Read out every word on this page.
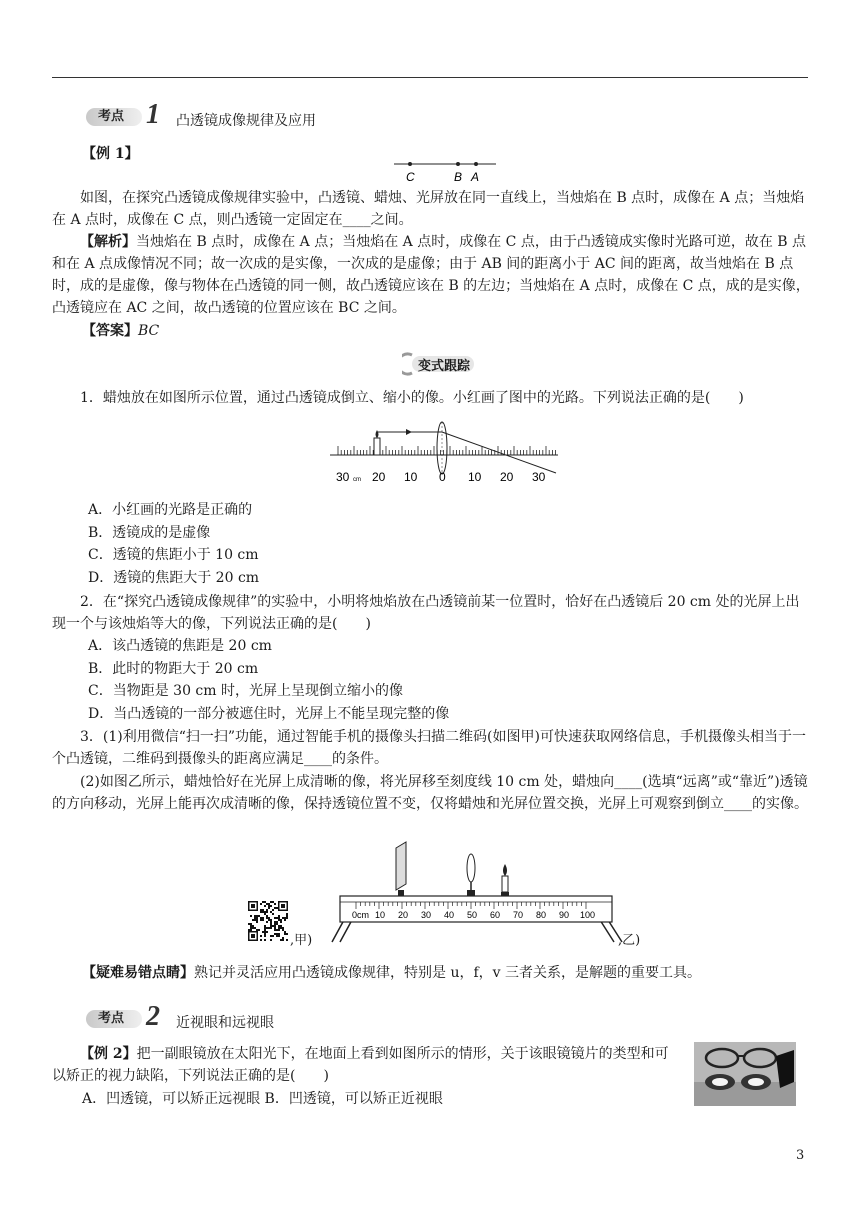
考点 1 凸透镜成像规律及应用
【例 1】
C	B A
如图，在探究凸透镜成像规律实验中，凸透镜、蜡烛、光屏放在同一直线上，当烛焰在 B 点时，成像在 A 点；当烛焰在 A 点时，成像在 C 点，则凸透镜一定固定在____之间。
【解析】当烛焰在 B 点时，成像在 A 点；当烛焰在 A 点时，成像在 C 点，由于凸透镜成实像时光路可逆，故在 B 点和在 A 点成像情况不同；故一次成的是实像，一次成的是虚像；由于 AB 间的距离小于 AC 间的距离，故当烛焰在 B 点时，成的是虚像，像与物体在凸透镜的同一侧，故凸透镜应该在 B 的左边；当烛焰在 A 点时，成像在 C 点，成的是实像，凸透镜应在 AC 之间，故凸透镜的位置应该在 BC 之间。
【答案】BC
变式跟踪
1．蜡烛放在如图所示位置，通过凸透镜成倒立、缩小的像。小红画了图中的光路。下列说法正确的是(　　)
30 cm 20 10 0 10 20 30
A．小红画的光路是正确的
B．透镜成的是虚像
C．透镜的焦距小于 10 cm
D．透镜的焦距大于 20 cm
2．在“探究凸透镜成像规律”的实验中，小明将烛焰放在凸透镜前某一位置时，恰好在凸透镜后 20 cm 处的光屏上出现一个与该烛焰等大的像，下列说法正确的是(　　)
A．该凸透镜的焦距是 20 cm
B．此时的物距大于 20 cm
C．当物距是 30 cm 时，光屏上呈现倒立缩小的像
D．当凸透镜的一部分被遮住时，光屏上不能呈现完整的像
3．(1)利用微信“扫一扫”功能，通过智能手机的摄像头扫描二维码(如图甲)可快速获取网络信息，手机摄像头相当于一个凸透镜，二维码到摄像头的距离应满足____的条件。
(2)如图乙所示，蜡烛恰好在光屏上成清晰的像，将光屏移至刻度线 10 cm 处，蜡烛向____(选填“远离”或“靠近”)透镜的方向移动，光屏上能再次成清晰的像，保持透镜位置不变，仅将蜡烛和光屏位置交换，光屏上可观察到倒立____的实像。
,甲)
0cm 10 20 30 40 50 60 70 80 90 100
,乙)
【疑难易错点睛】熟记并灵活应用凸透镜成像规律，特别是 u，f，v 三者关系，是解题的重要工具。
考点 2 近视眼和远视眼
【例 2】把一副眼镜放在太阳光下，在地面上看到如图所示的情形，关于该眼镜镜片的类型和可以矫正的视力缺陷，下列说法正确的是(　　)
A．凹透镜，可以矫正远视眼 B．凹透镜，可以矫正近视眼
3
